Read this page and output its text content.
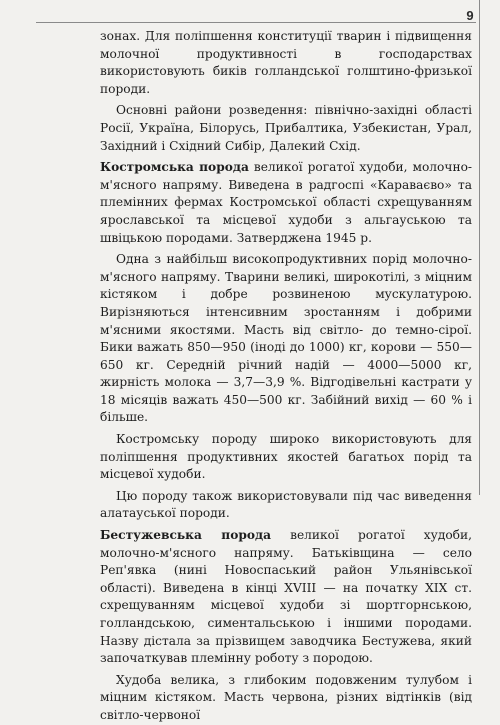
9

зонах. Для поліпшення конституції тварин і підвищення молочної продуктивності в господарствах використовують биків голландської голштино-фризької породи.

Основні райони розведення: північно-західні області Росії, Україна, Білорусь, Прибалтика, Узбекистан, Урал, Західний і Східний Сибір, Далекий Схід.

Костромська порода великої рогатої худоби, молочно-м'ясного напряму. Виведена в радгоспі «Караваєво» та племінних фермах Костромської області схрещуванням ярославської та місцевої худоби з альгауською та швіцькою породами. Затверджена 1945 р.

Одна з найбільш високопродуктивних порід молочно-м'ясного напряму. Тварини великі, широкотілі, з міцним кістяком і добре розвиненою мускулатурою. Вирізняються інтенсивним зростанням і добрими м'ясними якостями. Масть від світло- до темно-сірої. Бики важать 850—950 (іноді до 1000) кг, корови — 550—650 кг. Середній річний надій — 4000—5000 кг, жирність молока — 3,7—3,9 %. Відгодівельні кастрати у 18 місяців важать 450—500 кг. Забійний вихід — 60 % і більше.

Костромську породу широко використовують для поліпшення продуктивних якостей багатьох порід та місцевої худоби.

Цю породу також використовували під час виведення алатауської породи.

Бестужевська порода великої рогатої худоби, молочно-м'ясного напряму. Батьківщина — село Реп'явка (нині Новоспаський район Ульянівської області). Виведена в кінці XVIII — на початку XIX ст. схрещуванням місцевої худоби зі шортгорнською, голландською, симентальською і іншими породами. Назву дістала за прізвищем заводчика Бестужева, який започаткував племінну роботу з породою.

Худоба велика, з глибоким подовженим тулубом і міцним кістяком. Масть червона, різних відтінків (від світло-червоної
